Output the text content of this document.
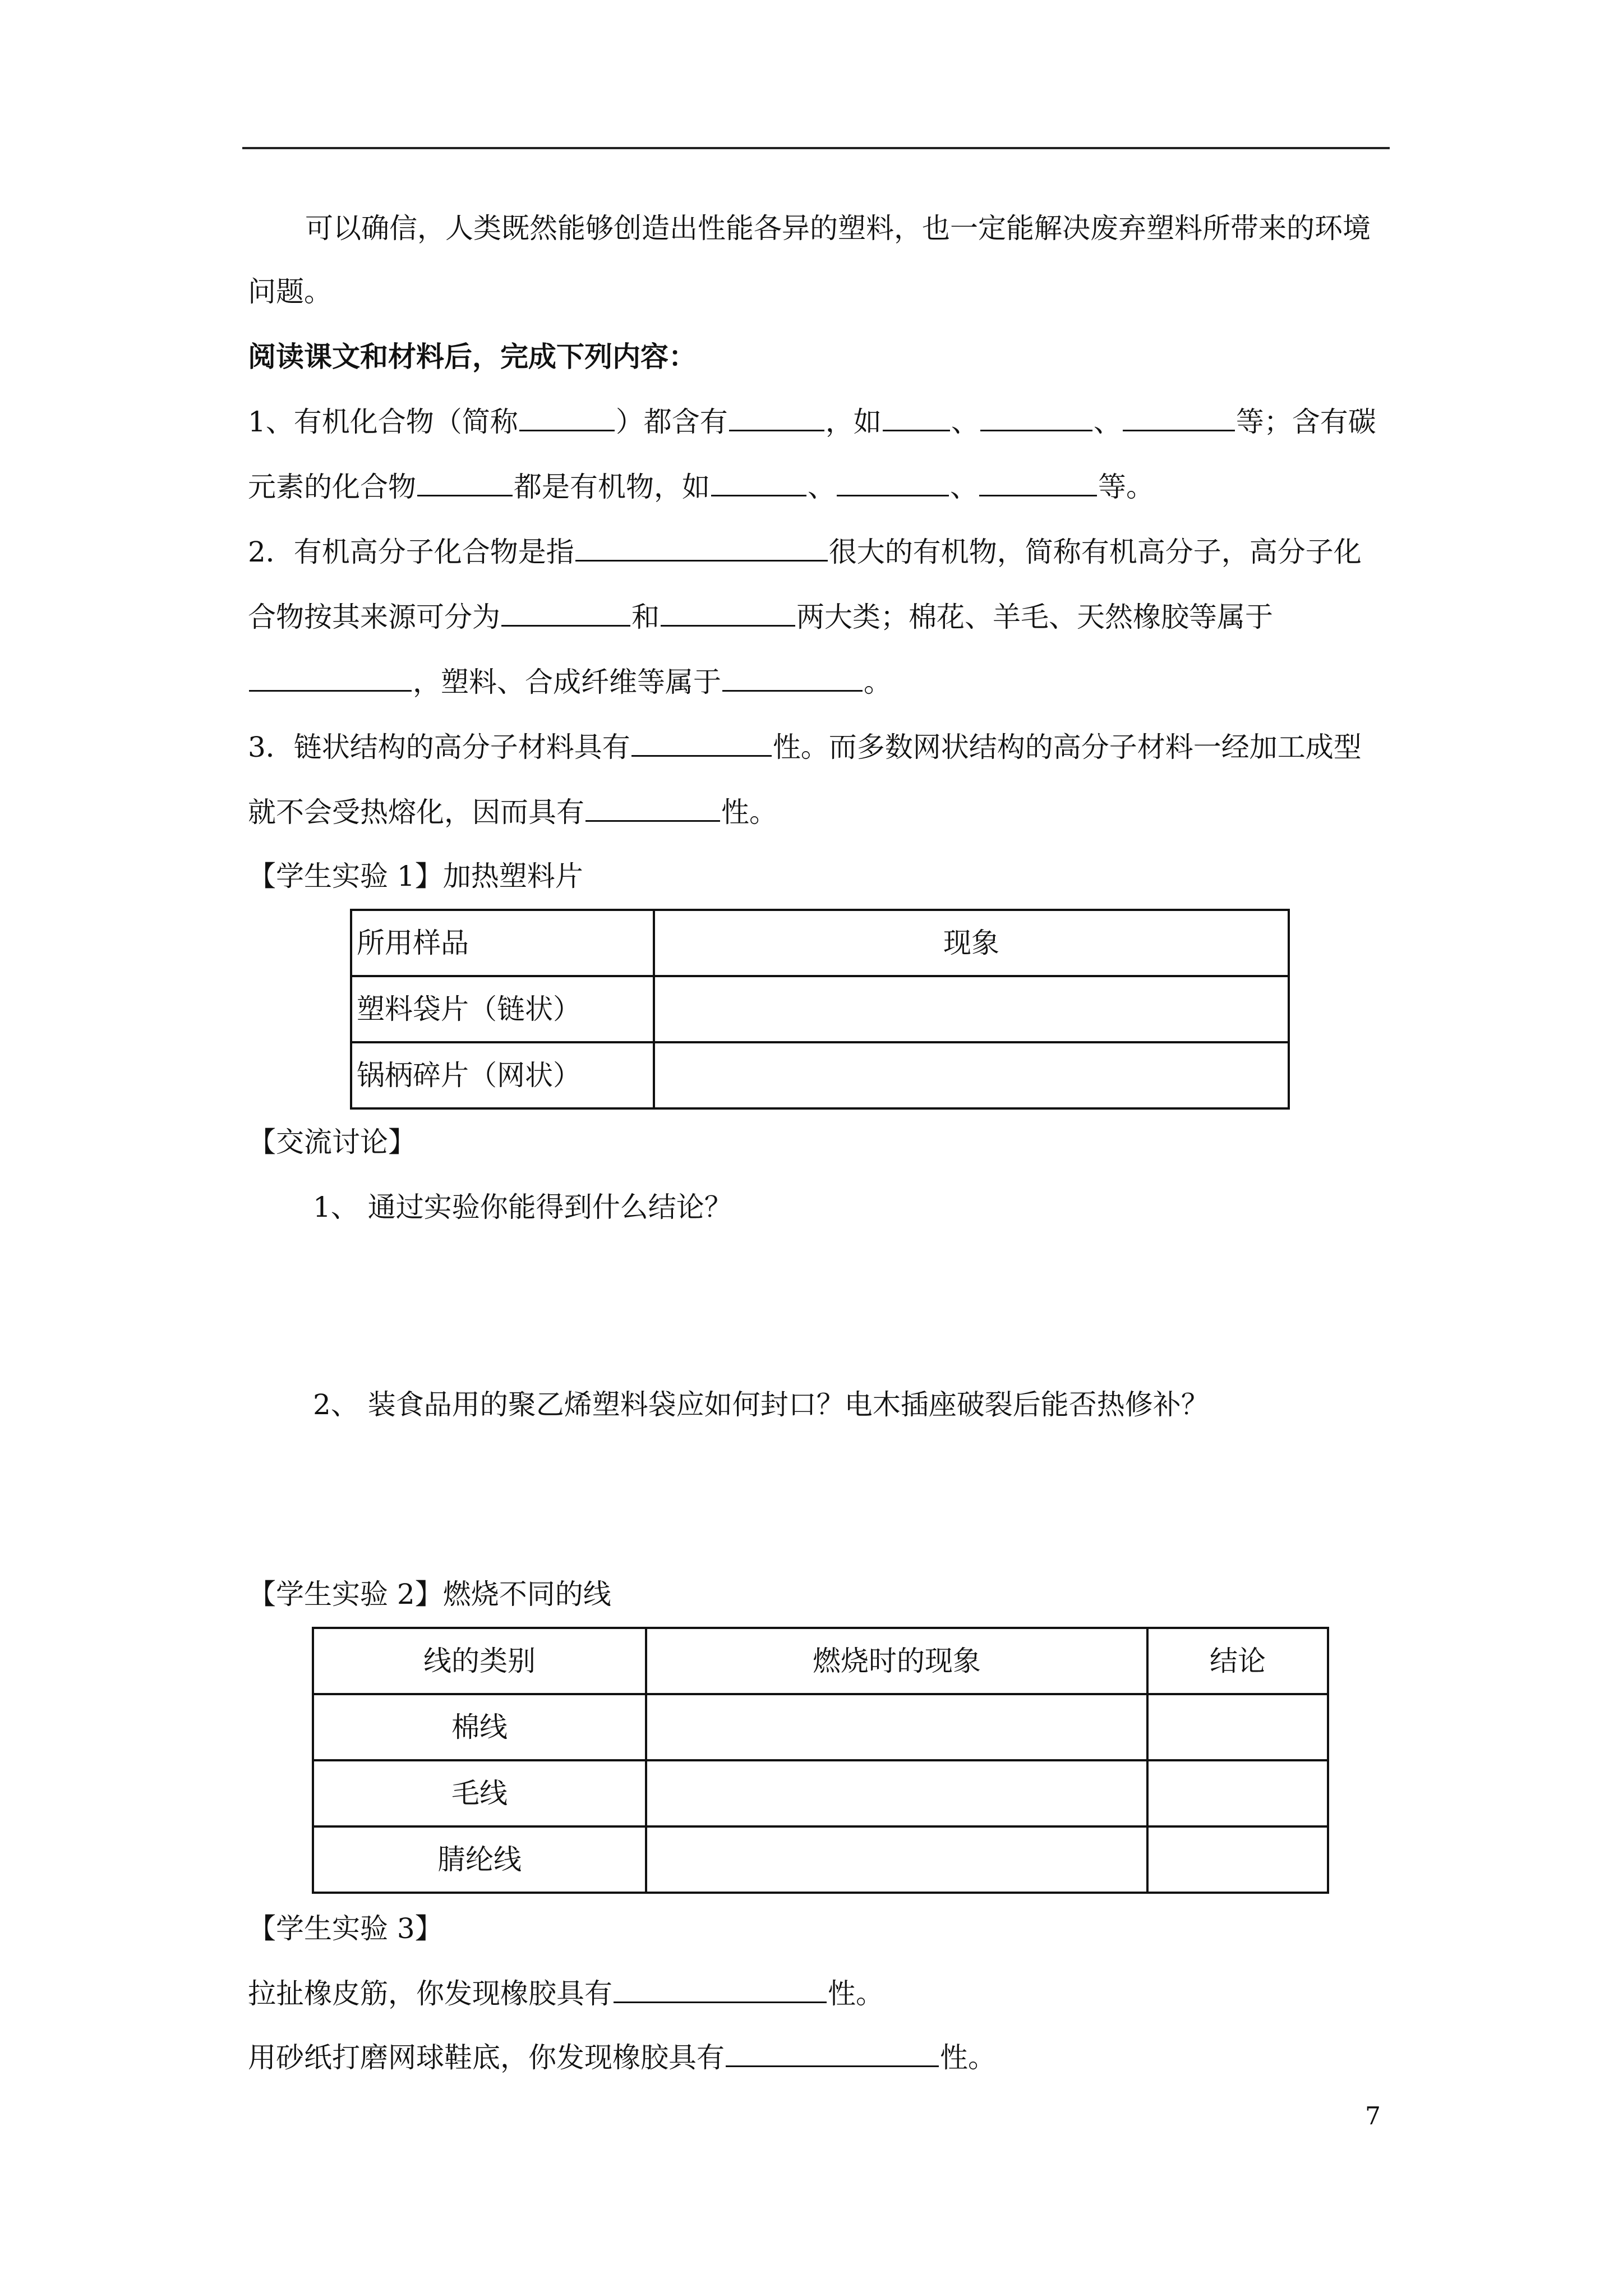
可以确信，人类既然能够创造出性能各异的塑料，也一定能解决废弃塑料所带来的环境
问题。
阅读课文和材料后，完成下列内容：
1、有机化合物（简称	）都含有	，如 、	、	等；含有碳
元素的化合物	都是有机物，如	、	、	等。
2．有机高分子化合物是指	很大的有机物，简称有机高分子，高分子化
合物按其来源可分为	和	两大类；棉花、羊毛、天然橡胶等属于
，塑料、合成纤维等属于	。
3．链状结构的高分子材料具有	性。而多数网状结构的高分子材料一经加工成型
就不会受热熔化，因而具有	性。
【学生实验 1】加热塑料片
所用样品	现象
塑料袋片（链状）	
锅柄碎片（网状）	
【交流讨论】
1、 通过实验你能得到什么结论？
2、 装食品用的聚乙烯塑料袋应如何封口？电木插座破裂后能否热修补？
【学生实验 2】燃烧不同的线
线的类别	燃烧时的现象	结论
棉线		
毛线		
腈纶线		
【学生实验 3】
拉扯橡皮筋，你发现橡胶具有	性。
用砂纸打磨网球鞋底，你发现橡胶具有	性。
7
